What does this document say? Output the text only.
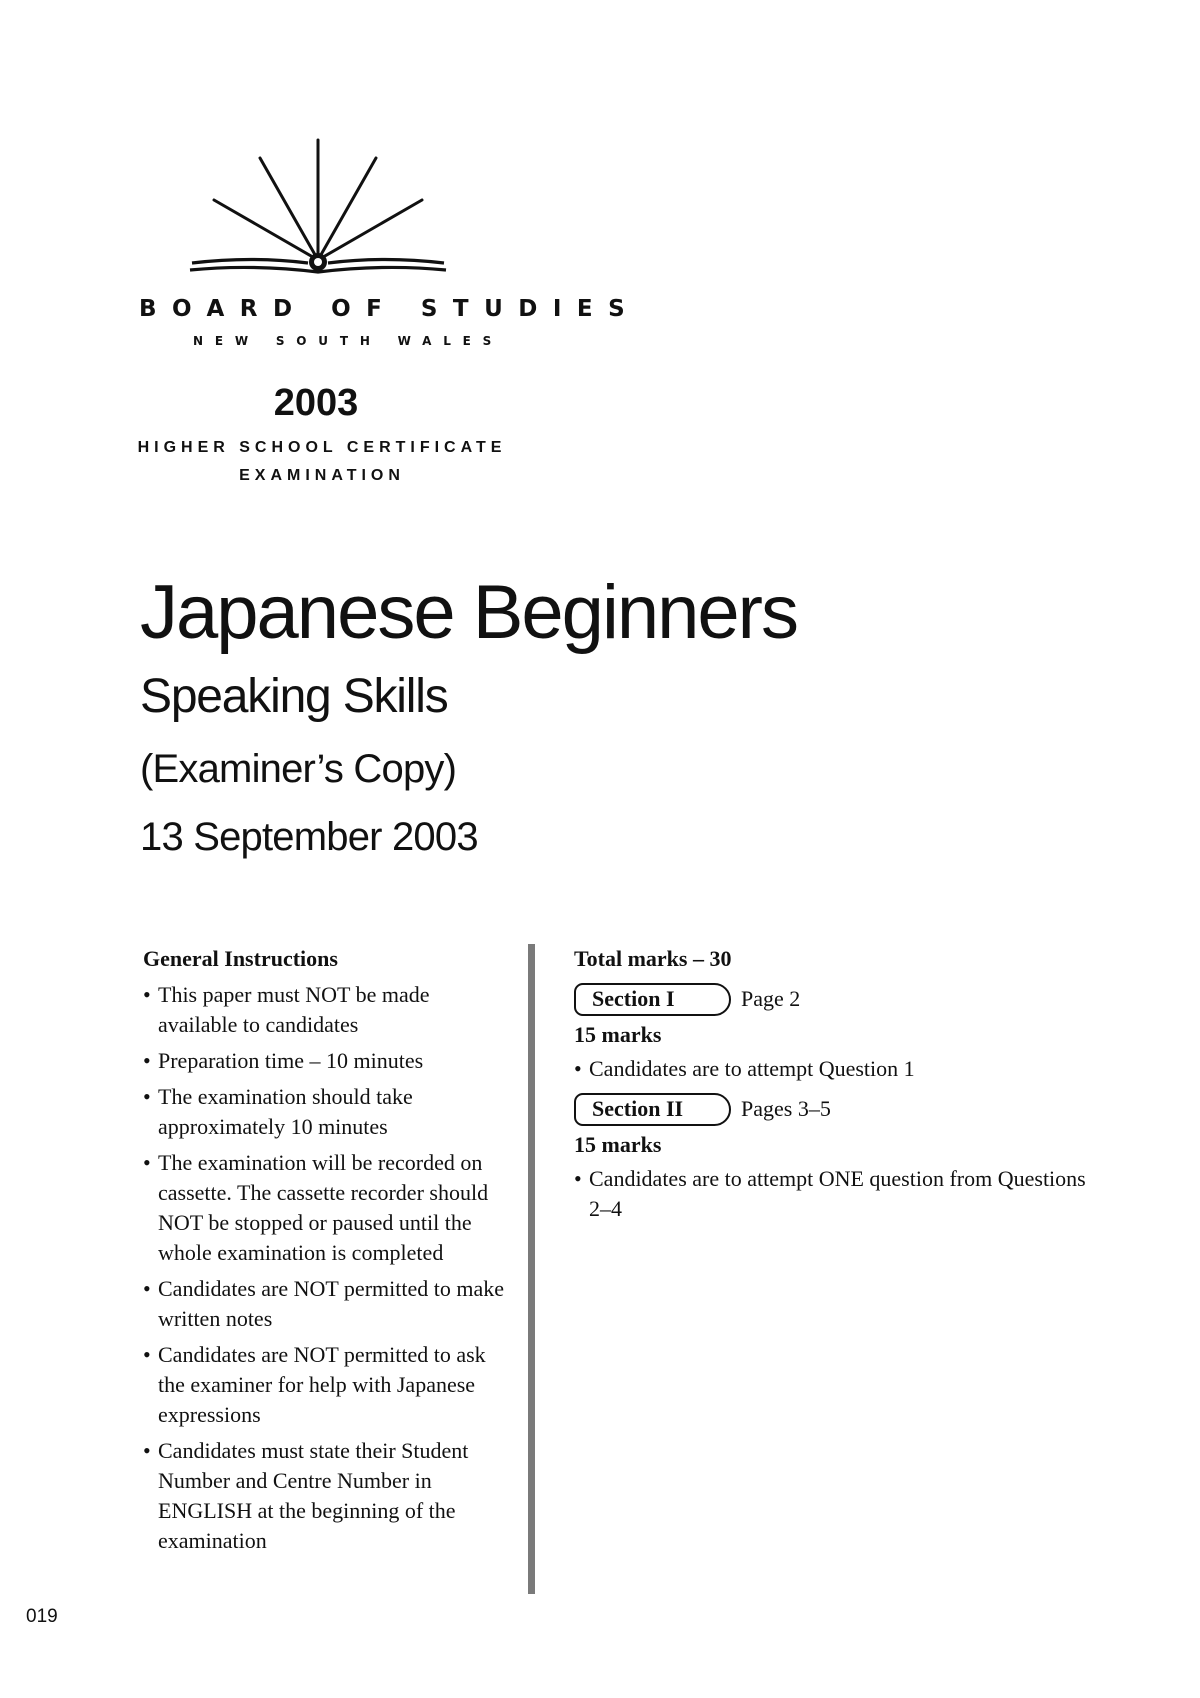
BOARD OF STUDIES
NEW SOUTH WALES
2003
HIGHER SCHOOL CERTIFICATE
EXAMINATION
Japanese Beginners
Speaking Skills
(Examiner’s Copy)
13 September 2003
General Instructions
• This paper must NOT be made available to candidates
• Preparation time – 10 minutes
• The examination should take approximately 10 minutes
• The examination will be recorded on cassette. The cassette recorder should NOT be stopped or paused until the whole examination is completed
• Candidates are NOT permitted to make written notes
• Candidates are NOT permitted to ask the examiner for help with Japanese expressions
• Candidates must state their Student Number and Centre Number in ENGLISH at the beginning of the examination
Total marks – 30
Section I	Page 2
15 marks
• Candidates are to attempt Question 1
Section II	Pages 3–5
15 marks
• Candidates are to attempt ONE question from Questions 2–4
019
